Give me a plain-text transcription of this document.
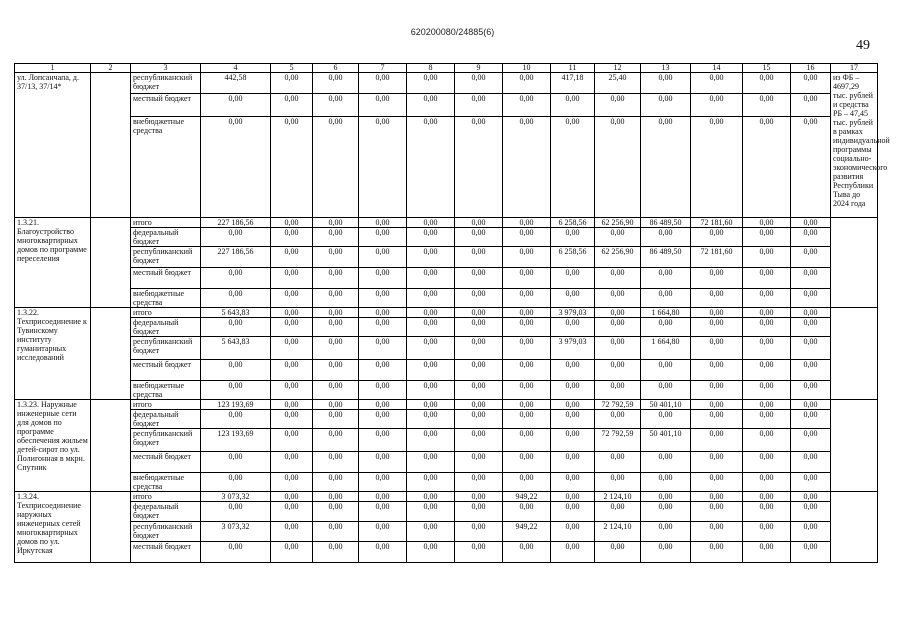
620200080/24885(6)
49
1	2	3	4	5	6	7	8	9	10	11	12	13	14	15	16	17
ул. Лопсанчапа, д. 37/13, 37/14*		республиканский бюджет	442,58	0,00	0,00	0,00	0,00	0,00	0,00	417,18	25,40	0,00	0,00	0,00	0,00	из ФБ – 4697,29 тыс. рублей и средства РБ – 47,45 тыс. рублей в рамках индивидуальной программы социально-экономического развития Республики Тыва до 2024 года
		местный бюджет	0,00	0,00	0,00	0,00	0,00	0,00	0,00	0,00	0,00	0,00	0,00	0,00	0,00	
		внебюджетные средства	0,00	0,00	0,00	0,00	0,00	0,00	0,00	0,00	0,00	0,00	0,00	0,00	0,00	
1.3.21. Благоустройство многоквартирных домов по программе переселения		итого	227 186,56	0,00	0,00	0,00	0,00	0,00	0,00	6 258,56	62 256,90	86 489,50	72 181,60	0,00	0,00	
		федеральный бюджет	0,00	0,00	0,00	0,00	0,00	0,00	0,00	0,00	0,00	0,00	0,00	0,00	0,00	
		республиканский бюджет	227 186,56	0,00	0,00	0,00	0,00	0,00	0,00	6 258,56	62 256,90	86 489,50	72 181,60	0,00	0,00	
		местный бюджет	0,00	0,00	0,00	0,00	0,00	0,00	0,00	0,00	0,00	0,00	0,00	0,00	0,00	
		внебюджетные средства	0,00	0,00	0,00	0,00	0,00	0,00	0,00	0,00	0,00	0,00	0,00	0,00	0,00	
1.3.22. Техприсоединение к Тувинскому институту гуманитарных исследований		итого	5 643,83	0,00	0,00	0,00	0,00	0,00	0,00	3 979,03	0,00	1 664,80	0,00	0,00	0,00	
		федеральный бюджет	0,00	0,00	0,00	0,00	0,00	0,00	0,00	0,00	0,00	0,00	0,00	0,00	0,00	
		республиканский бюджет	5 643,83	0,00	0,00	0,00	0,00	0,00	0,00	3 979,03	0,00	1 664,80	0,00	0,00	0,00	
		местный бюджет	0,00	0,00	0,00	0,00	0,00	0,00	0,00	0,00	0,00	0,00	0,00	0,00	0,00	
		внебюджетные средства	0,00	0,00	0,00	0,00	0,00	0,00	0,00	0,00	0,00	0,00	0,00	0,00	0,00	
1.3.23. Наружные инженерные сети для домов по программе обеспечения жильем детей-сирот по ул. Полигонная в мкрн. Спутник		итого	123 193,69	0,00	0,00	0,00	0,00	0,00	0,00	0,00	72 792,59	50 401,10	0,00	0,00	0,00	
		федеральный бюджет	0,00	0,00	0,00	0,00	0,00	0,00	0,00	0,00	0,00	0,00	0,00	0,00	0,00	
		республиканский бюджет	123 193,69	0,00	0,00	0,00	0,00	0,00	0,00	0,00	72 792,59	50 401,10	0,00	0,00	0,00	
		местный бюджет	0,00	0,00	0,00	0,00	0,00	0,00	0,00	0,00	0,00	0,00	0,00	0,00	0,00	
		внебюджетные средства	0,00	0,00	0,00	0,00	0,00	0,00	0,00	0,00	0,00	0,00	0,00	0,00	0,00	
1.3.24. Техприсоединение наружных инженерных сетей многоквартирных домов по ул. Иркутская		итого	3 073,32	0,00	0,00	0,00	0,00	0,00	949,22	0,00	2 124,10	0,00	0,00	0,00	0,00	
		федеральный бюджет	0,00	0,00	0,00	0,00	0,00	0,00	0,00	0,00	0,00	0,00	0,00	0,00	0,00	
		республиканский бюджет	3 073,32	0,00	0,00	0,00	0,00	0,00	949,22	0,00	2 124,10	0,00	0,00	0,00	0,00	
		местный бюджет	0,00	0,00	0,00	0,00	0,00	0,00	0,00	0,00	0,00	0,00	0,00	0,00	0,00	
